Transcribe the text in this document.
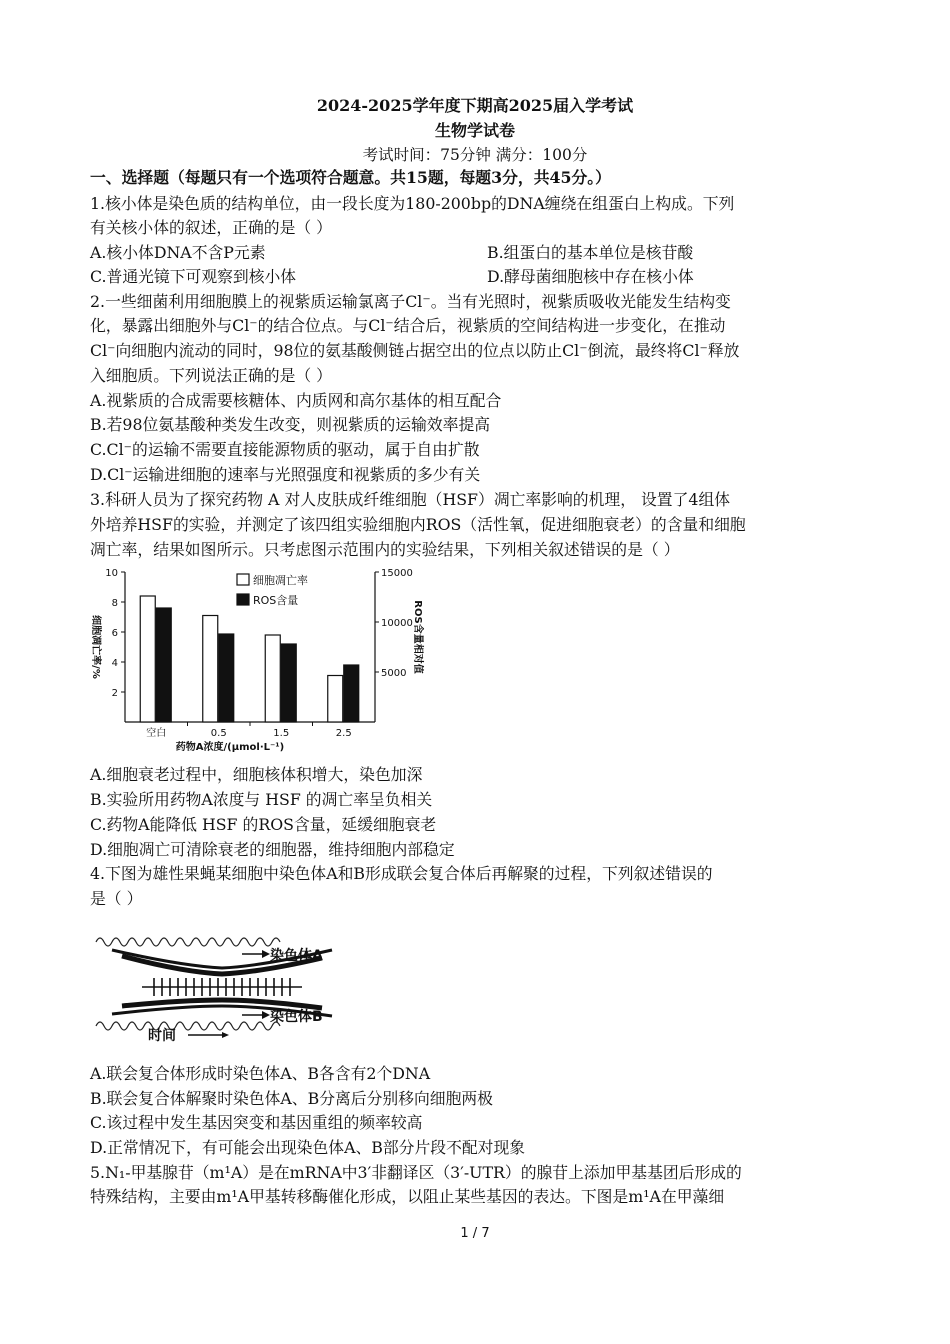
2024-2025学年度下期高2025届入学考试
生物学试卷
考试时间：75分钟 满分：100分
一、选择题（每题只有一个选项符合题意。共15题，每题3分，共45分。）
1.核小体是染色质的结构单位，由一段长度为180-200bp的DNA缠绕在组蛋白上构成。下列
有关核小体的叙述，正确的是（ ）
A.核小体DNA不含P元素	B.组蛋白的基本单位是核苷酸
C.普通光镜下可观察到核小体	D.酵母菌细胞核中存在核小体
2.一些细菌利用细胞膜上的视紫质运输氯离子Cl⁻。当有光照时，视紫质吸收光能发生结构变
化，暴露出细胞外与Cl⁻的结合位点。与Cl⁻结合后，视紫质的空间结构进一步变化，在推动
Cl⁻向细胞内流动的同时，98位的氨基酸侧链占据空出的位点以防止Cl⁻倒流，最终将Cl⁻释放
入细胞质。下列说法正确的是（ ）
A.视紫质的合成需要核糖体、内质网和高尔基体的相互配合
B.若98位氨基酸种类发生改变，则视紫质的运输效率提高
C.Cl⁻的运输不需要直接能源物质的驱动，属于自由扩散
D.Cl⁻运输进细胞的速率与光照强度和视紫质的多少有关
3.科研人员为了探究药物 A 对人皮肤成纤维细胞（HSF）凋亡率影响的机理， 设置了4组体
外培养HSF的实验，并测定了该四组实验细胞内ROS（活性氧，促进细胞衰老）的含量和细胞
凋亡率，结果如图所示。只考虑图示范围内的实验结果，下列相关叙述错误的是（ ）
2
4
6
8
10
5000
10000
15000
空白	0.5	1.5	2.5
药物A浓度/(μmol·L⁻¹)
细胞凋亡率/%	ROS含量相对值
细胞凋亡率
ROS含量
A.细胞衰老过程中，细胞核体积增大，染色加深
B.实验所用药物A浓度与 HSF 的凋亡率呈负相关
C.药物A能降低 HSF 的ROS含量，延缓细胞衰老
D.细胞凋亡可清除衰老的细胞器，维持细胞内部稳定
4.下图为雄性果蝇某细胞中染色体A和B形成联会复合体后再解聚的过程，下列叙述错误的
是（ ）
染色体A
染色体B
时间
A.联会复合体形成时染色体A、B各含有2个DNA
B.联会复合体解聚时染色体A、B分离后分别移向细胞两极
C.该过程中发生基因突变和基因重组的频率较高
D.正常情况下，有可能会出现染色体A、B部分片段不配对现象
5.N₁-甲基腺苷（m¹A）是在mRNA中3′非翻译区（3′-UTR）的腺苷上添加甲基基团后形成的
特殊结构，主要由m¹A甲基转移酶催化形成，以阻止某些基因的表达。下图是m¹A在甲藻细
1 / 7
